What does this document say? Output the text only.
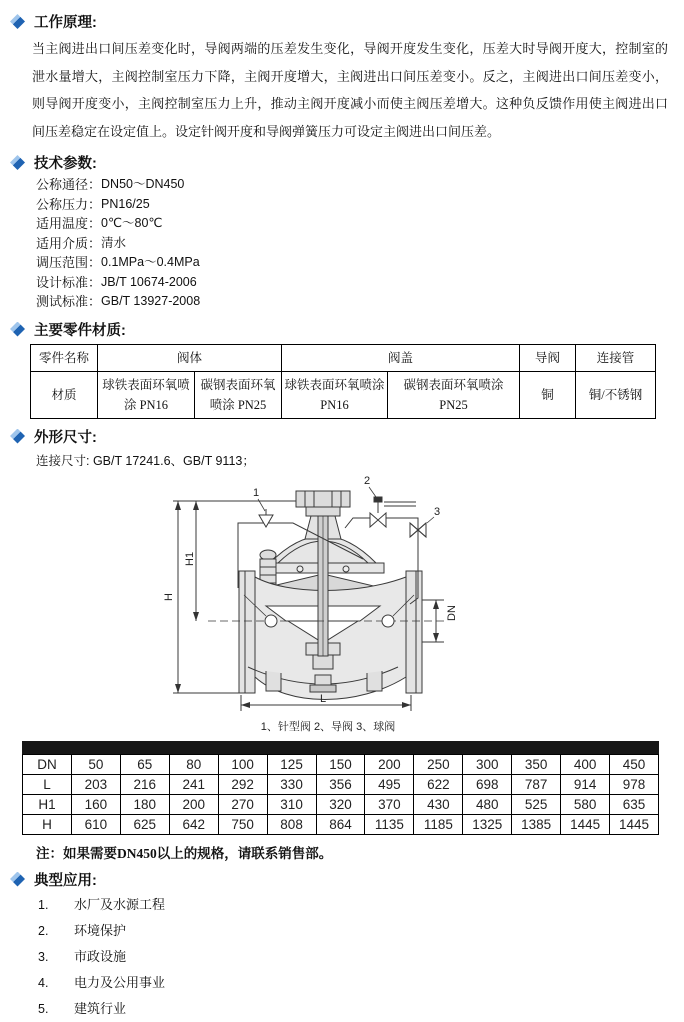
工作原理:

当主阀进出口间压差变化时，导阀两端的压差发生变化，导阀开度发生变化，压差大时导阀开度大，控制室的泄水量增大，主阀控制室压力下降，主阀开度增大，主阀进出口间压差变小。反之，主阀进出口间压差变小，则导阀开度变小，主阀控制室压力上升，推动主阀开度减小而使主阀压差增大。这种负反馈作用使主阀进出口间压差稳定在设定值上。设定针阀开度和导阀弹簧压力可设定主阀进出口间压差。

技术参数:
公称通径： DN50～DN450
公称压力： PN16/25
适用温度： 0℃～80℃
适用介质： 清水
调压范围： 0.1MPa～0.4MPa
设计标准： JB/T 10674-2006
测试标准： GB/T 13927-2008
主要零件材质:
零件名称	阀体		阀盖		导阀	连接管
材质	球铁表面环氧喷涂 PN16	碳钢表面环氧喷涂 PN25	球铁表面环氧喷涂 PN16	碳钢表面环氧喷涂 PN25	铜	铜/不锈钢
外形尺寸:
连接尺寸: GB/T 17241.6、GB/T 9113；
1
2
3
H
H1
DN
L
1、针型阀 2、导阀 3、球阀
DN	50	65	80	100	125	150	200	250	300	350	400	450
L	203	216	241	292	330	356	495	622	698	787	914	978
H1	160	180	200	270	310	320	370	430	480	525	580	635
H	610	625	642	750	808	864	1135	1185	1325	1385	1445	1445
注：如果需要DN450以上的规格，请联系销售部。
典型应用:
1.	水厂及水源工程
2.	环境保护
3.	市政设施
4.	电力及公用事业
5.	建筑行业
